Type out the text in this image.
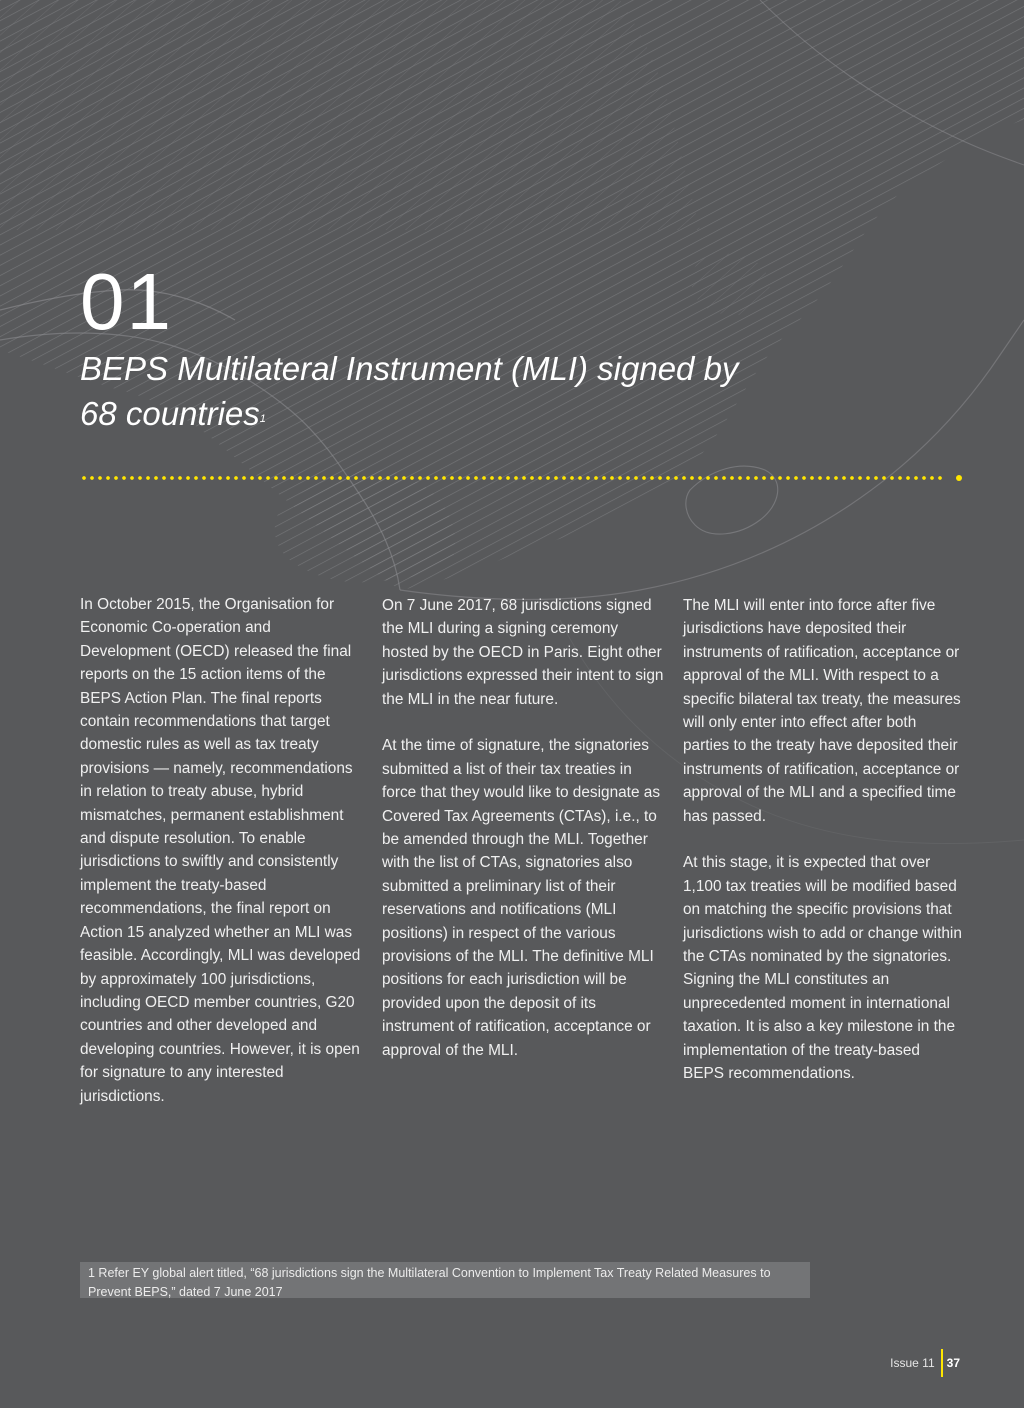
01
BEPS Multilateral Instrument (MLI) signed by 68 countries$^1$

In October 2015, the Organisation for Economic Co-operation and Development (OECD) released the final reports on the 15 action items of the BEPS Action Plan. The final reports contain recommendations that target domestic rules as well as tax treaty provisions — namely, recommendations in relation to treaty abuse, hybrid mismatches, permanent establishment and dispute resolution. To enable jurisdictions to swiftly and consistently implement the treaty-based recommendations, the final report on Action 15 analyzed whether an MLI was feasible. Accordingly, MLI was developed by approximately 100 jurisdictions, including OECD member countries, G20 countries and other developed and developing countries. However, it is open for signature to any interested jurisdictions.

On 7 June 2017, 68 jurisdictions signed the MLI during a signing ceremony hosted by the OECD in Paris. Eight other jurisdictions expressed their intent to sign the MLI in the near future.

At the time of signature, the signatories submitted a list of their tax treaties in force that they would like to designate as Covered Tax Agreements (CTAs), i.e., to be amended through the MLI. Together with the list of CTAs, signatories also submitted a preliminary list of their reservations and notifications (MLI positions) in respect of the various provisions of the MLI. The definitive MLI positions for each jurisdiction will be provided upon the deposit of its instrument of ratification, acceptance or approval of the MLI.

The MLI will enter into force after five jurisdictions have deposited their instruments of ratification, acceptance or approval of the MLI. With respect to a specific bilateral tax treaty, the measures will only enter into effect after both parties to the treaty have deposited their instruments of ratification, acceptance or approval of the MLI and a specified time has passed.

At this stage, it is expected that over 1,100 tax treaties will be modified based on matching the specific provisions that jurisdictions wish to add or change within the CTAs nominated by the signatories. Signing the MLI constitutes an unprecedented moment in international taxation. It is also a key milestone in the implementation of the treaty-based BEPS recommendations.

1 Refer EY global alert titled, “68 jurisdictions sign the Multilateral Convention to Implement Tax Treaty Related Measures to Prevent BEPS,” dated 7 June 2017
Issue 11	37
